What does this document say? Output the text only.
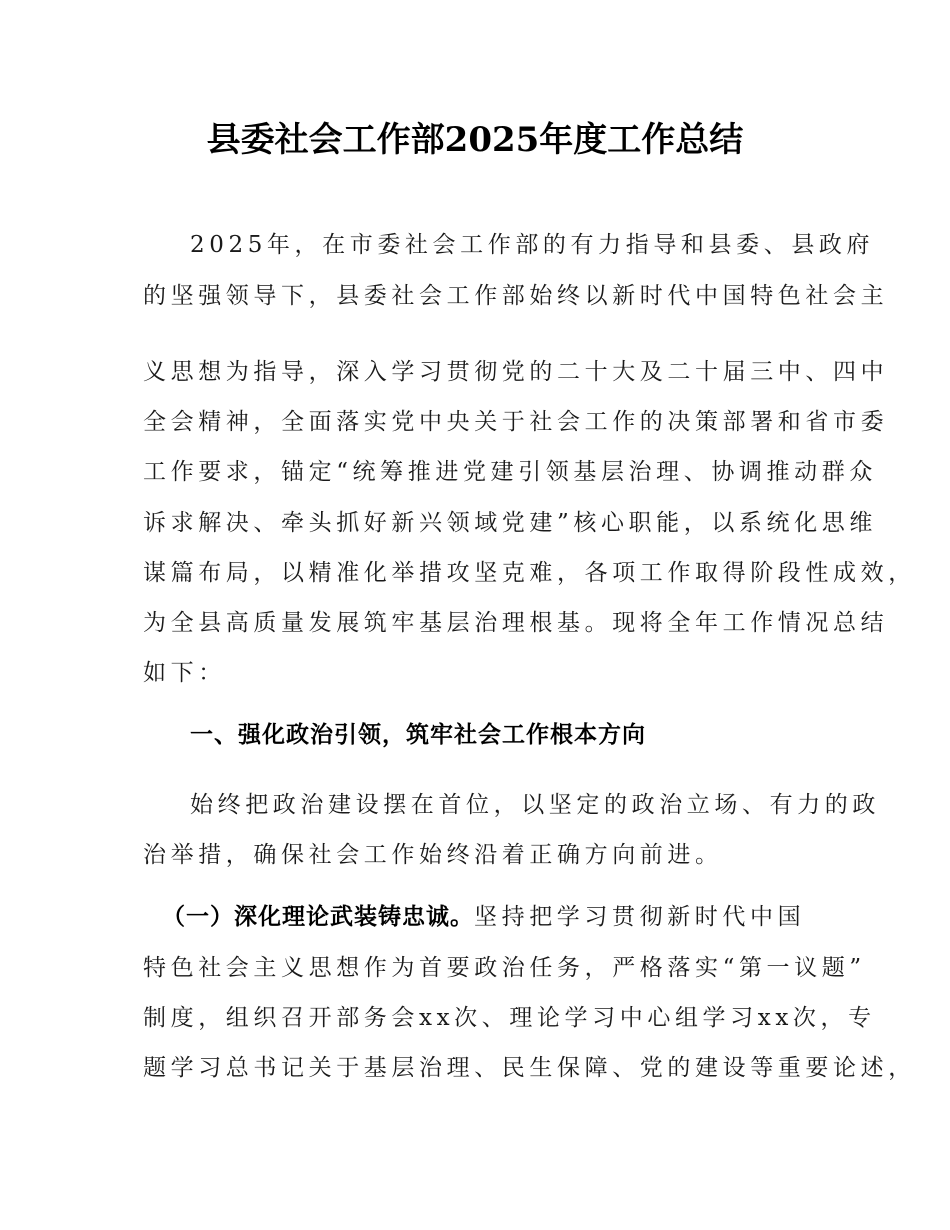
县委社会工作部2025年度工作总结
2025年，在市委社会工作部的有力指导和县委、县政府
的坚强领导下，县委社会工作部始终以新时代中国特色社会主
义思想为指导，深入学习贯彻党的二十大及二十届三中、四中
全会精神，全面落实党中央关于社会工作的决策部署和省市委
工作要求，锚定“统筹推进党建引领基层治理、协调推动群众
诉求解决、牵头抓好新兴领域党建”核心职能，以系统化思维
谋篇布局，以精准化举措攻坚克难，各项工作取得阶段性成效，
为全县高质量发展筑牢基层治理根基。现将全年工作情况总结
如下：
一、强化政治引领，筑牢社会工作根本方向
始终把政治建设摆在首位，以坚定的政治立场、有力的政
治举措，确保社会工作始终沿着正确方向前进。
（一）深化理论武装铸忠诚。坚持把学习贯彻新时代中国
特色社会主义思想作为首要政治任务，严格落实“第一议题”
制度，组织召开部务会xx次、理论学习中心组学习xx次，专
题学习总书记关于基层治理、民生保障、党的建设等重要论述，
